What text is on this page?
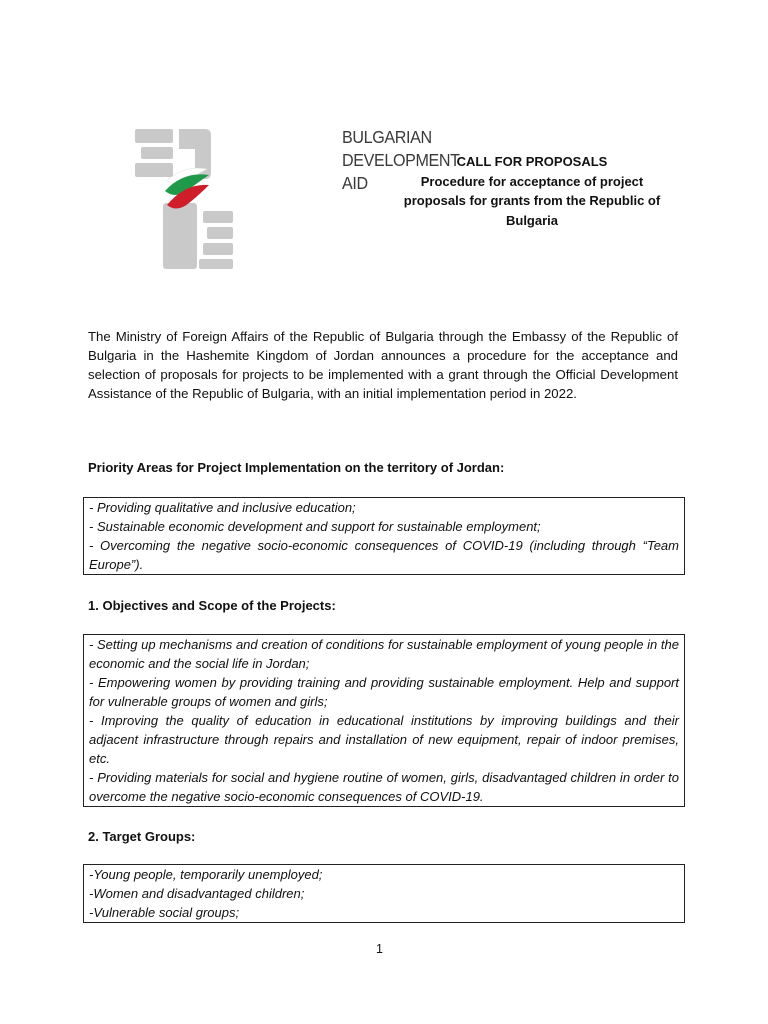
BULGARIAN
DEVELOPMENT
AID
CALL FOR PROPOSALS
Procedure for acceptance of project
proposals for grants from the Republic of
Bulgaria
The Ministry of Foreign Affairs of the Republic of Bulgaria through the Embassy of the Republic of Bulgaria in the Hashemite Kingdom of Jordan announces a procedure for the acceptance and selection of proposals for projects to be implemented with a grant through the Official Development Assistance of the Republic of Bulgaria, with an initial implementation period in 2022.
Priority Areas for Project Implementation on the territory of Jordan:
- Providing qualitative and inclusive education;
- Sustainable economic development and support for sustainable employment;
- Overcoming the negative socio-economic consequences of COVID-19 (including through “Team Europe”).
1. Objectives and Scope of the Projects:
- Setting up mechanisms and creation of conditions for sustainable employment of young people in the economic and the social life in Jordan;
- Empowering women by providing training and providing sustainable employment. Help and support for vulnerable groups of women and girls;
- Improving the quality of education in educational institutions by improving buildings and their adjacent infrastructure through repairs and installation of new equipment, repair of indoor premises, etc.
- Providing materials for social and hygiene routine of women, girls, disadvantaged children in order to overcome the negative socio-economic consequences of COVID-19.
2. Target Groups:
-Young people, temporarily unemployed;
-Women and disadvantaged children;
-Vulnerable social groups;
1
